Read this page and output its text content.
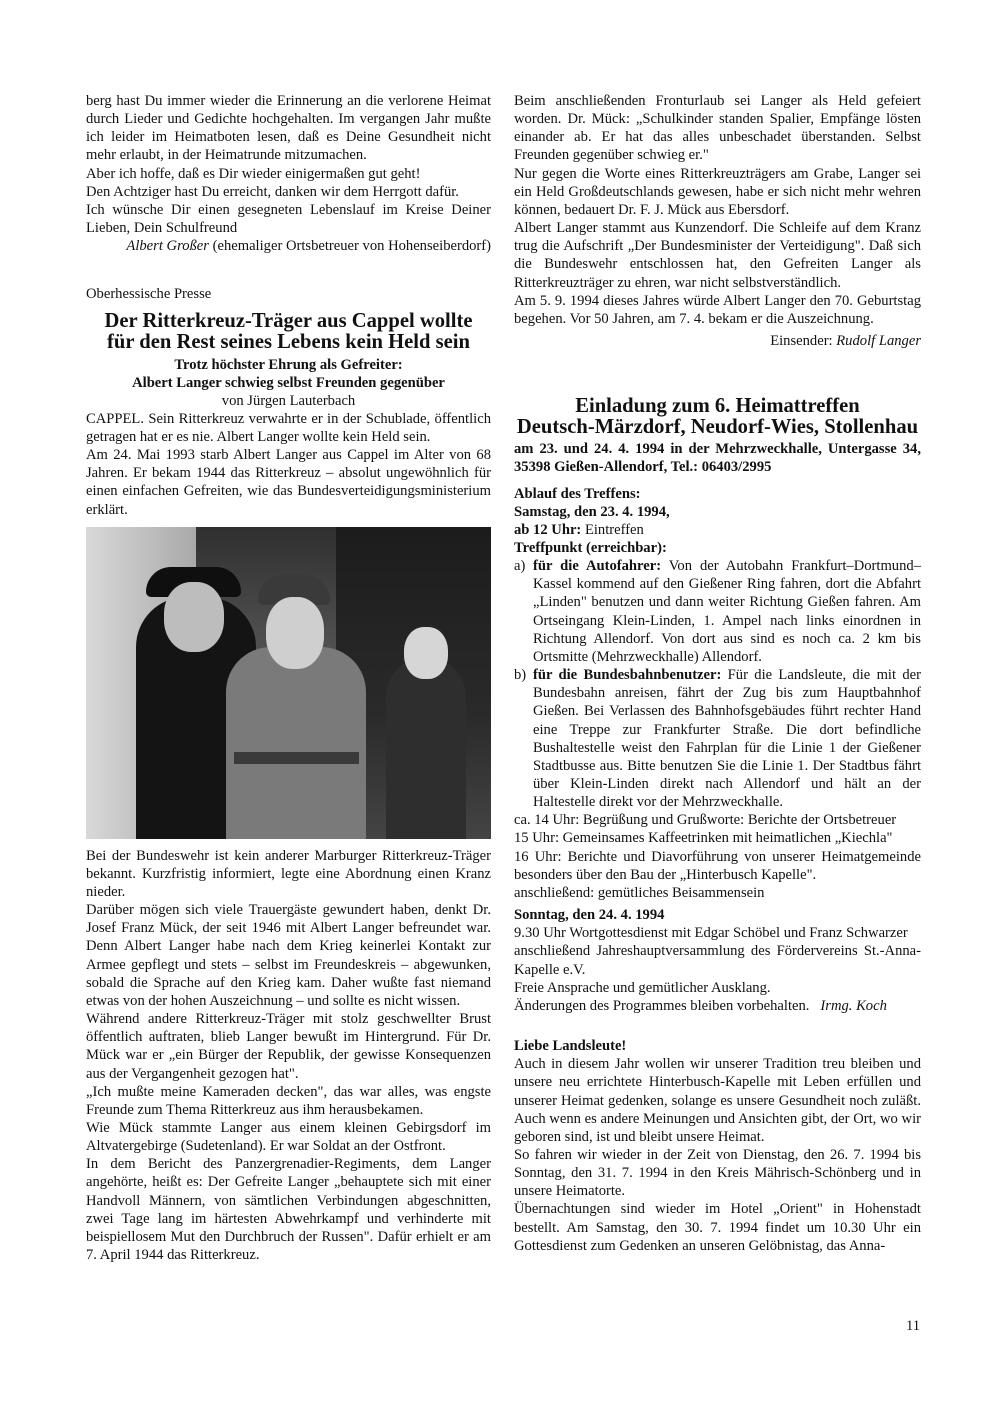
berg hast Du immer wieder die Erinnerung an die verlorene Heimat durch Lieder und Gedichte hochgehalten. Im vergangen Jahr mußte ich leider im Heimatboten lesen, daß es Deine Gesundheit nicht mehr erlaubt, in der Heimatrunde mitzumachen.

Aber ich hoffe, daß es Dir wieder einigermaßen gut geht!

Den Achtziger hast Du erreicht, danken wir dem Herrgott dafür.

Ich wünsche Dir einen gesegneten Lebenslauf im Kreise Deiner Lieben, Dein Schulfreund

Albert Großer (ehemaliger Ortsbetreuer von Hohenseiberdorf)

Oberhessische Presse

Der Ritterkreuz-Träger aus Cappel wollte
für den Rest seines Lebens kein Held sein
Trotz höchster Ehrung als Gefreiter:
Albert Langer schwieg selbst Freunden gegenüber
von Jürgen Lauterbach

CAPPEL. Sein Ritterkreuz verwahrte er in der Schublade, öffentlich getragen hat er es nie. Albert Langer wollte kein Held sein.

Am 24. Mai 1993 starb Albert Langer aus Cappel im Alter von 68 Jahren. Er bekam 1944 das Ritterkreuz – absolut ungewöhnlich für einen einfachen Gefreiten, wie das Bundesverteidigungsministerium erklärt.

Bei der Bundeswehr ist kein anderer Marburger Ritterkreuz-Träger bekannt. Kurzfristig informiert, legte eine Abordnung einen Kranz nieder.

Darüber mögen sich viele Trauergäste gewundert haben, denkt Dr. Josef Franz Mück, der seit 1946 mit Albert Langer befreundet war. Denn Albert Langer habe nach dem Krieg keinerlei Kontakt zur Armee gepflegt und stets – selbst im Freundeskreis – abgewunken, sobald die Sprache auf den Krieg kam. Daher wußte fast niemand etwas von der hohen Auszeichnung – und sollte es nicht wissen.

Während andere Ritterkreuz-Träger mit stolz geschwellter Brust öffentlich auftraten, blieb Langer bewußt im Hintergrund. Für Dr. Mück war er „ein Bürger der Republik, der gewisse Konsequenzen aus der Vergangenheit gezogen hat".

„Ich mußte meine Kameraden decken", das war alles, was engste Freunde zum Thema Ritterkreuz aus ihm herausbekamen.

Wie Mück stammte Langer aus einem kleinen Gebirgsdorf im Altvatergebirge (Sudetenland). Er war Soldat an der Ostfront.

In dem Bericht des Panzergrenadier-Regiments, dem Langer angehörte, heißt es: Der Gefreite Langer „behauptete sich mit einer Handvoll Männern, von sämtlichen Verbindungen abgeschnitten, zwei Tage lang im härtesten Abwehrkampf und verhinderte mit beispiellosem Mut den Durchbruch der Russen". Dafür erhielt er am 7. April 1944 das Ritterkreuz.

Beim anschließenden Fronturlaub sei Langer als Held gefeiert worden. Dr. Mück: „Schulkinder standen Spalier, Empfänge lösten einander ab. Er hat das alles unbeschadet überstanden. Selbst Freunden gegenüber schwieg er."

Nur gegen die Worte eines Ritterkreuzträgers am Grabe, Langer sei ein Held Großdeutschlands gewesen, habe er sich nicht mehr wehren können, bedauert Dr. F. J. Mück aus Ebersdorf.

Albert Langer stammt aus Kunzendorf. Die Schleife auf dem Kranz trug die Aufschrift „Der Bundesminister der Verteidigung". Daß sich die Bundeswehr entschlossen hat, den Gefreiten Langer als Ritterkreuzträger zu ehren, war nicht selbstverständlich.

Am 5. 9. 1994 dieses Jahres würde Albert Langer den 70. Geburtstag begehen. Vor 50 Jahren, am 7. 4. bekam er die Auszeichnung.

Einsender: Rudolf Langer

Einladung zum 6. Heimattreffen
Deutsch-Märzdorf, Neudorf-Wies, Stollenhau

am 23. und 24. 4. 1994 in der Mehrzweckhalle, Untergasse 34, 35398 Gießen-Allendorf, Tel.: 06403/2995

Ablauf des Treffens:

Samstag, den 23. 4. 1994,

ab 12 Uhr: Eintreffen

Treffpunkt (erreichbar):

a) für die Autofahrer: Von der Autobahn Frankfurt–Dortmund–Kassel kommend auf den Gießener Ring fahren, dort die Abfahrt „Linden" benutzen und dann weiter Richtung Gießen fahren. Am Ortseingang Klein-Linden, 1. Ampel nach links einordnen in Richtung Allendorf. Von dort aus sind es noch ca. 2 km bis Ortsmitte (Mehrzweckhalle) Allendorf.
b) für die Bundesbahnbenutzer: Für die Landsleute, die mit der Bundesbahn anreisen, fährt der Zug bis zum Hauptbahnhof Gießen. Bei Verlassen des Bahnhofsgebäudes führt rechter Hand eine Treppe zur Frankfurter Straße. Die dort befindliche Bushaltestelle weist den Fahrplan für die Linie 1 der Gießener Stadtbusse aus. Bitte benutzen Sie die Linie 1. Der Stadtbus fährt über Klein-Linden direkt nach Allendorf und hält an der Haltestelle direkt vor der Mehrzweckhalle.

ca. 14 Uhr: Begrüßung und Grußworte: Berichte der Ortsbetreuer

15 Uhr: Gemeinsames Kaffeetrinken mit heimatlichen „Kiechla"

16 Uhr: Berichte und Diavorführung von unserer Heimatgemeinde besonders über den Bau der „Hinterbusch Kapelle".

anschließend: gemütliches Beisammensein

Sonntag, den 24. 4. 1994

9.30 Uhr Wortgottesdienst mit Edgar Schöbel und Franz Schwarzer

anschließend Jahreshauptversammlung des Fördervereins St.-Anna-Kapelle e.V.

Freie Ansprache und gemütlicher Ausklang.

Änderungen des Programmes bleiben vorbehalten. Irmg. Koch

Liebe Landsleute!

Auch in diesem Jahr wollen wir unserer Tradition treu bleiben und unsere neu errichtete Hinterbusch-Kapelle mit Leben erfüllen und unserer Heimat gedenken, solange es unsere Gesundheit noch zuläßt. Auch wenn es andere Meinungen und Ansichten gibt, der Ort, wo wir geboren sind, ist und bleibt unsere Heimat.

So fahren wir wieder in der Zeit von Dienstag, den 26. 7. 1994 bis Sonntag, den 31. 7. 1994 in den Kreis Mährisch-Schönberg und in unsere Heimatorte.

Übernachtungen sind wieder im Hotel „Orient" in Hohenstadt bestellt. Am Samstag, den 30. 7. 1994 findet um 10.30 Uhr ein Gottesdienst zum Gedenken an unseren Gelöbnistag, das Anna-

11
